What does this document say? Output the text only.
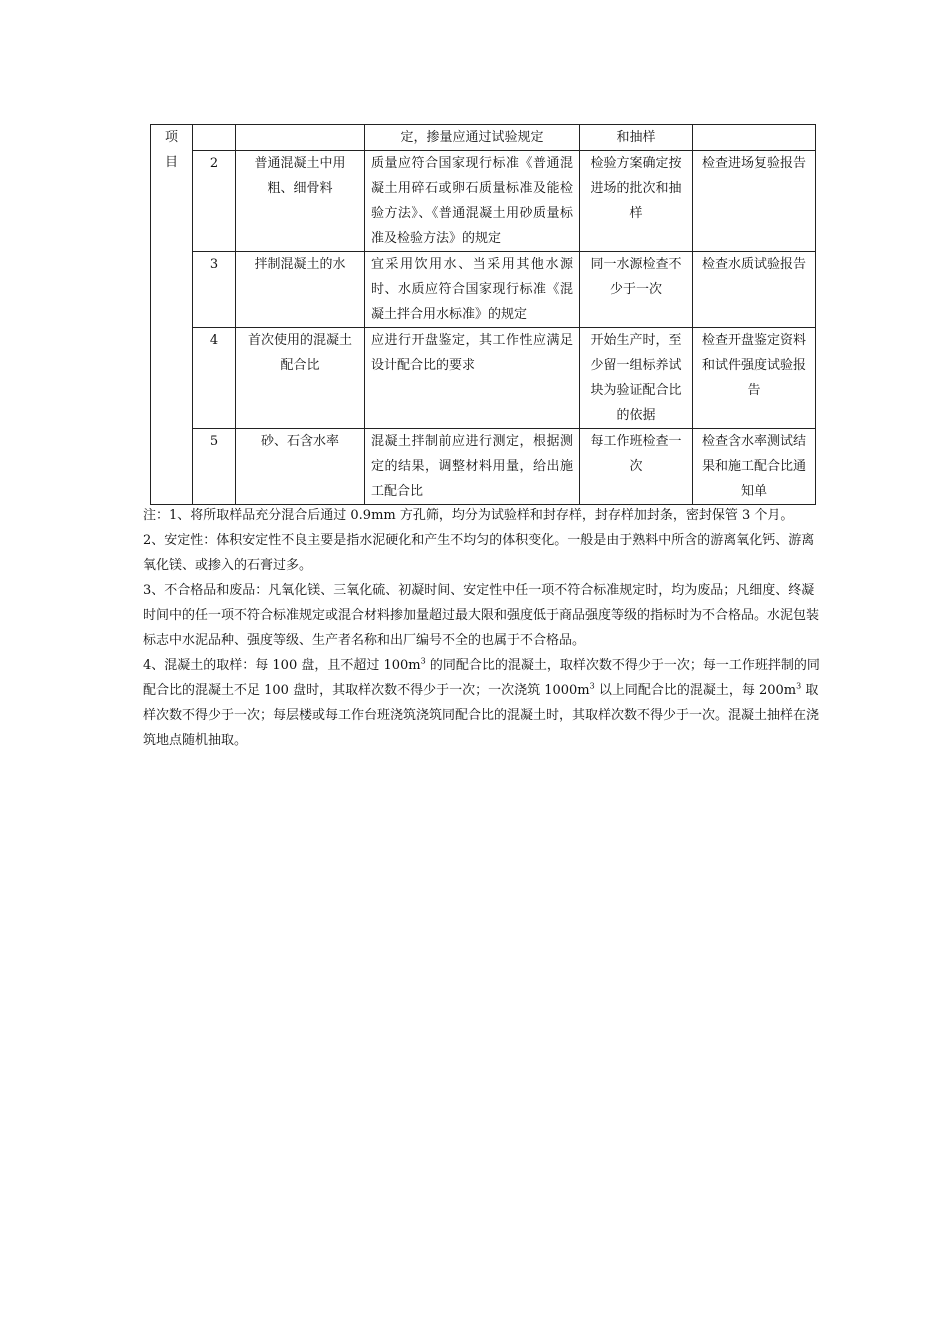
项
目			定，掺量应通过试验规定	和抽样	
	2	普通混凝土中用粗、细骨料	质量应符合国家现行标准《普通混凝土用碎石或卵石质量标准及能检验方法》、《普通混凝土用砂质量标准及检验方法》的规定	检验方案确定按进场的批次和抽样	检查进场复验报告
	3	拌制混凝土的水	宜采用饮用水、当采用其他水源时、水质应符合国家现行标准《混凝土拌合用水标准》的规定	同一水源检查不少于一次	检查水质试验报告
	4	首次使用的混凝土配合比	应进行开盘鉴定，其工作性应满足设计配合比的要求	开始生产时，至少留一组标养试块为验证配合比的依据	检查开盘鉴定资料和试件强度试验报告
	5	砂、石含水率	混凝土拌制前应进行测定，根据测定的结果，调整材料用量，给出施工配合比	每工作班检查一次	检查含水率测试结果和施工配合比通知单

注：1、将所取样品充分混合后通过 0.9mm 方孔筛，均分为试验样和封存样，封存样加封条，密封保管 3 个月。

2、安定性：体积安定性不良主要是指水泥硬化和产生不均匀的体积变化。一般是由于熟料中所含的游离氧化钙、游离氧化镁、或掺入的石膏过多。

3、不合格品和废品：凡氧化镁、三氧化硫、初凝时间、安定性中任一项不符合标准规定时，均为废品；凡细度、终凝时间中的任一项不符合标准规定或混合材料掺加量超过最大限和强度低于商品强度等级的指标时为不合格品。水泥包装标志中水泥品种、强度等级、生产者名称和出厂编号不全的也属于不合格品。

4、混凝土的取样：每 100 盘，且不超过 $100m^3$ 的同配合比的混凝土，取样次数不得少于一次；每一工作班拌制的同配合比的混凝土不足 100 盘时，其取样次数不得少于一次；一次浇筑 $1000m^3$ 以上同配合比的混凝土，每 $200m^3$ 取样次数不得少于一次；每层楼或每工作台班浇筑浇筑同配合比的混凝土时，其取样次数不得少于一次。混凝土抽样在浇筑地点随机抽取。
